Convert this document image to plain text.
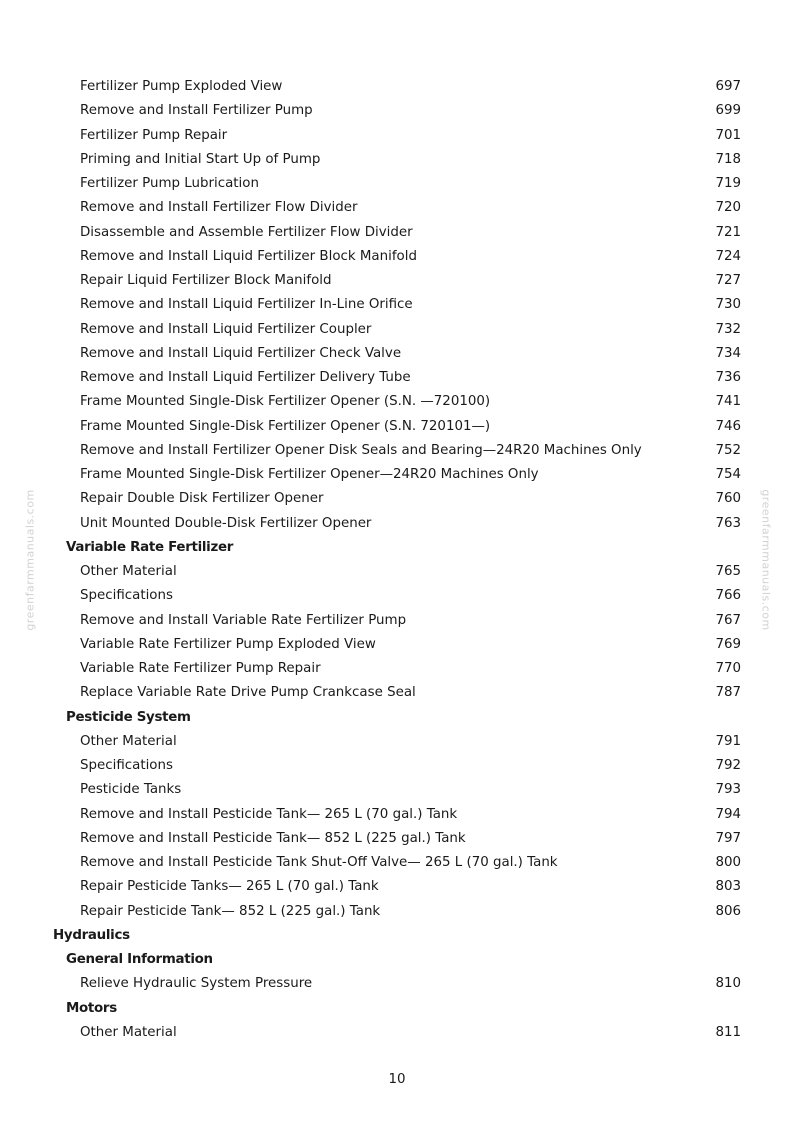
greenfarmmanuals.com	greenfarmmanuals.com
Fertilizer Pump Exploded View	697
Remove and Install Fertilizer Pump	699
Fertilizer Pump Repair	701
Priming and Initial Start Up of Pump	718
Fertilizer Pump Lubrication	719
Remove and Install Fertilizer Flow Divider	720
Disassemble and Assemble Fertilizer Flow Divider	721
Remove and Install Liquid Fertilizer Block Manifold	724
Repair Liquid Fertilizer Block Manifold	727
Remove and Install Liquid Fertilizer In-Line Orifice	730
Remove and Install Liquid Fertilizer Coupler	732
Remove and Install Liquid Fertilizer Check Valve	734
Remove and Install Liquid Fertilizer Delivery Tube	736
Frame Mounted Single-Disk Fertilizer Opener (S.N. —720100)	741
Frame Mounted Single-Disk Fertilizer Opener (S.N. 720101—)	746
Remove and Install Fertilizer Opener Disk Seals and Bearing—24R20 Machines Only	752
Frame Mounted Single-Disk Fertilizer Opener—24R20 Machines Only	754
Repair Double Disk Fertilizer Opener	760
Unit Mounted Double-Disk Fertilizer Opener	763
Variable Rate Fertilizer
Other Material	765
Specifications	766
Remove and Install Variable Rate Fertilizer Pump	767
Variable Rate Fertilizer Pump Exploded View	769
Variable Rate Fertilizer Pump Repair	770
Replace Variable Rate Drive Pump Crankcase Seal	787
Pesticide System
Other Material	791
Specifications	792
Pesticide Tanks	793
Remove and Install Pesticide Tank— 265 L (70 gal.) Tank	794
Remove and Install Pesticide Tank— 852 L (225 gal.) Tank	797
Remove and Install Pesticide Tank Shut-Off Valve— 265 L (70 gal.) Tank	800
Repair Pesticide Tanks— 265 L (70 gal.) Tank	803
Repair Pesticide Tank— 852 L (225 gal.) Tank	806
Hydraulics
General Information
Relieve Hydraulic System Pressure	810
Motors
Other Material	811
10
